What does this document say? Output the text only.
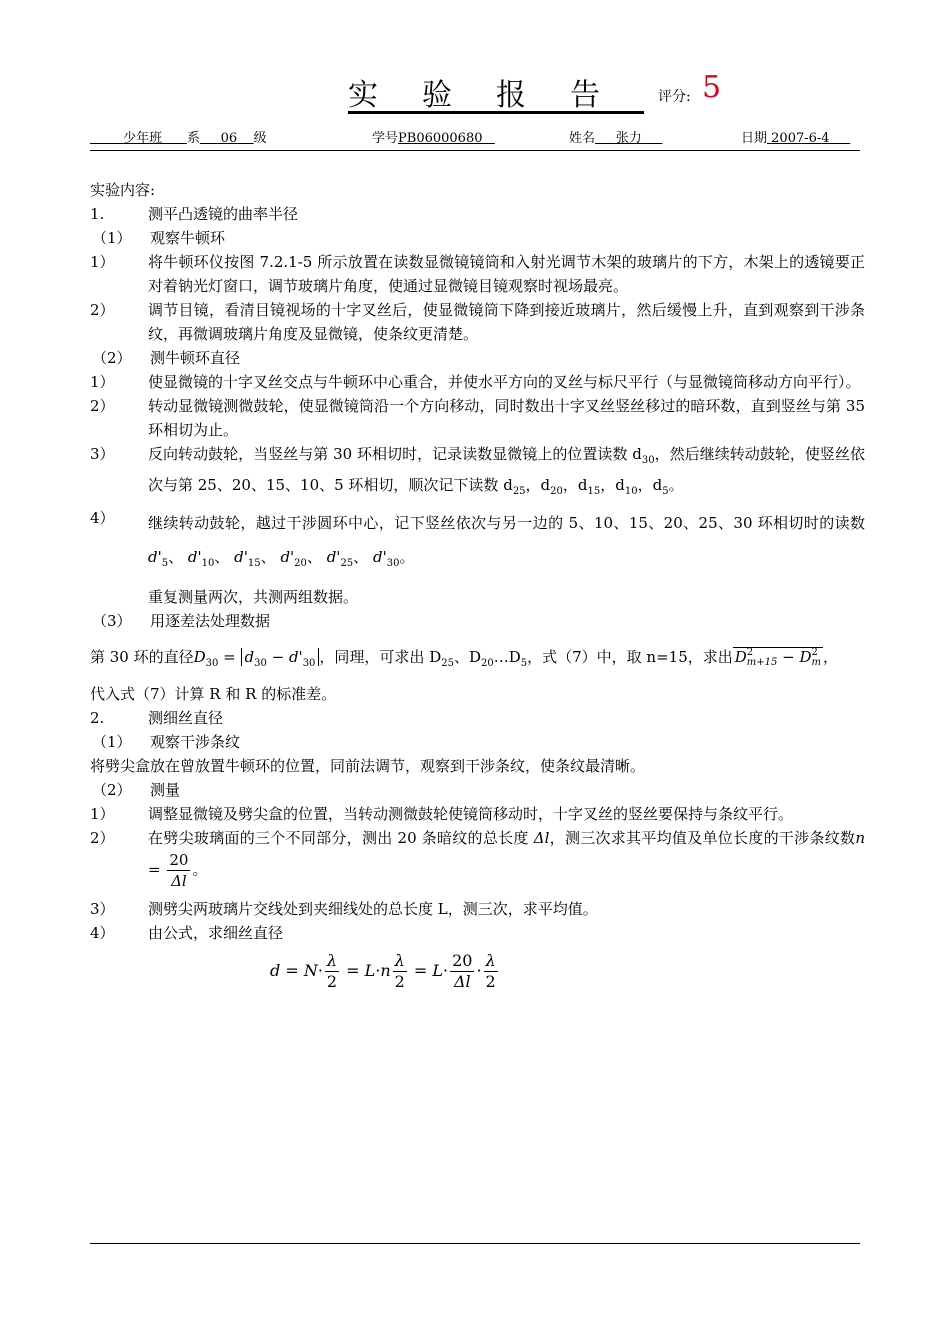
实验报告 评分: 5
少年班 系 06 级	学号PB06000680	姓名 张力	日期 2007-6-4
实验内容:
1.	测平凸透镜的曲率半径
（1）	观察牛顿环
1）	将牛顿环仪按图 7.2.1-5 所示放置在读数显微镜镜筒和入射光调节木架的玻璃片的下方，木架上的透镜要正对着钠光灯窗口，调节玻璃片角度，使通过显微镜目镜观察时视场最亮。
2）	调节目镜，看清目镜视场的十字叉丝后，使显微镜筒下降到接近玻璃片，然后缓慢上升，直到观察到干涉条纹，再微调玻璃片角度及显微镜，使条纹更清楚。
（2）	测牛顿环直径
1）	使显微镜的十字叉丝交点与牛顿环中心重合，并使水平方向的叉丝与标尺平行（与显微镜筒移动方向平行）。
2）	转动显微镜测微鼓轮，使显微镜筒沿一个方向移动，同时数出十字叉丝竖丝移过的暗环数，直到竖丝与第 35 环相切为止。
3）	反向转动鼓轮，当竖丝与第 30 环相切时，记录读数显微镜上的位置读数 $d_{30}$，然后继续转动鼓轮，使竖丝依次与第 25、20、15、10、5 环相切，顺次记下读数 $d_{25}$，$d_{20}$，$d_{15}$，$d_{10}$，$d_5$。
4）	继续转动鼓轮，越过干涉圆环中心，记下竖丝依次与另一边的 5、10、15、20、25、30 环相切时的读数$d'_5$、 $d'_{10}$、 $d'_{15}$、 $d'_{20}$、 $d'_{25}$、 $d'_{30}$。
重复测量两次，共测两组数据。
（3）	用逐差法处理数据
第 30 环的直径$D_{30} = d_{30} - d'_{30}$ ，同理，可求出 $D_{25}$、$D_{20}\dots D_5$，式（7）中，取 n=15，求出 D 2
m+15 − D 2
m ，
代入式（7）计算 R 和 R 的标准差。
2.	测细丝直径
（1）	观察干涉条纹
将劈尖盒放在曾放置牛顿环的位置，同前法调节，观察到干涉条纹，使条纹最清晰。
（2）	测量
1）	调整显微镜及劈尖盒的位置，当转动测微鼓轮使镜筒移动时，十字叉丝的竖丝要保持与条纹平行。
2）	在劈尖玻璃面的三个不同部分，测出 20 条暗纹的总长度 Δl，测三次求其平均值及单位长度的干涉条纹数$n = \frac{20}{\Delta l}$ 。
3）	测劈尖两玻璃片交线处到夹细线处的总长度 L，测三次，求平均值。
4）	由公式，求细丝直径
$d = N\cdot \frac{\lambda}{2} = L\cdot n \frac{\lambda}{2} = L\cdot \frac{20}{\Delta l} \cdot \frac{\lambda}{2}$
